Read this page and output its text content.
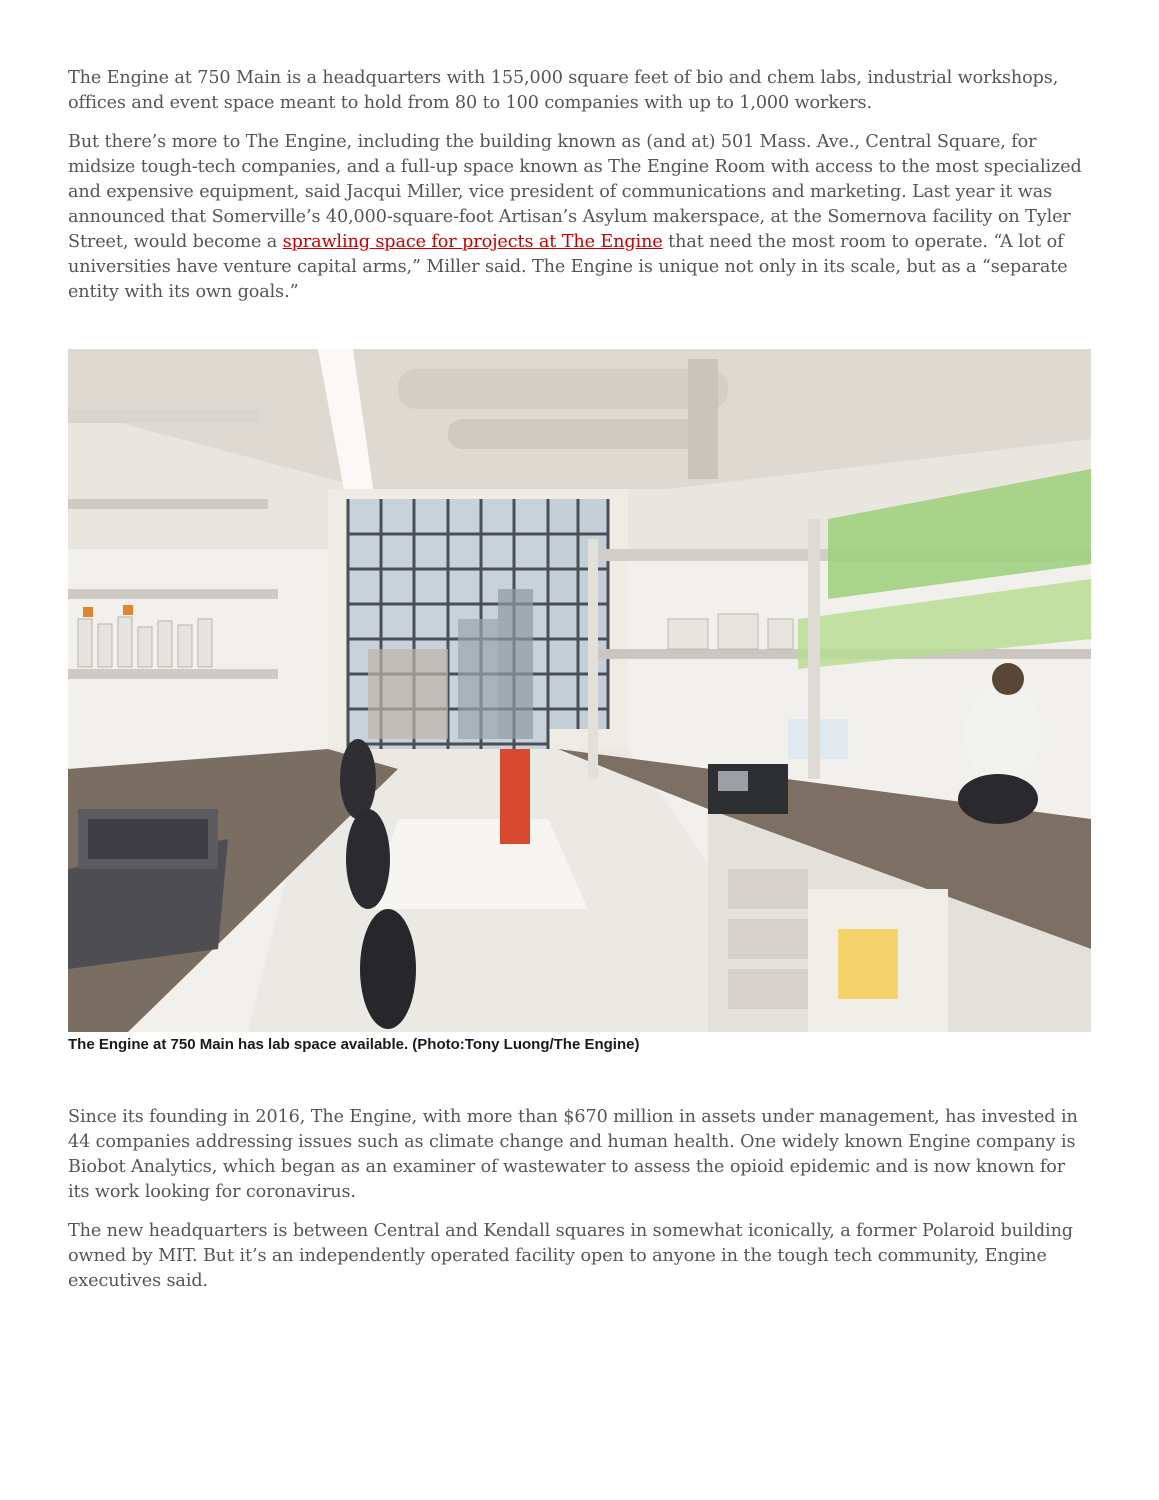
The Engine at 750 Main is a headquarters with 155,000 square feet of bio and chem labs, industrial workshops, offices and event space meant to hold from 80 to 100 companies with up to 1,000 workers.

But there’s more to The Engine, including the building known as (and at) 501 Mass. Ave., Central Square, for midsize tough-tech companies, and a full-up space known as The Engine Room with access to the most specialized and expensive equipment, said Jacqui Miller, vice president of communications and marketing. Last year it was announced that Somerville’s 40,000-square-foot Artisan’s Asylum makerspace, at the Somernova facility on Tyler Street, would become a sprawling space for projects at The Engine that need the most room to operate. “A lot of universities have venture capital arms,” Miller said. The Engine is unique not only in its scale, but as a “separate entity with its own goals.”

The Engine at 750 Main has lab space available. (Photo:Tony Luong/The Engine)

Since its founding in 2016, The Engine, with more than $670 million in assets under management, has invested in 44 companies addressing issues such as climate change and human health. One widely known Engine company is Biobot Analytics, which began as an examiner of wastewater to assess the opioid epidemic and is now known for its work looking for coronavirus.

The new headquarters is between Central and Kendall squares in somewhat iconically, a former Polaroid building owned by MIT. But it’s an independently operated facility open to anyone in the tough tech community, Engine executives said.
